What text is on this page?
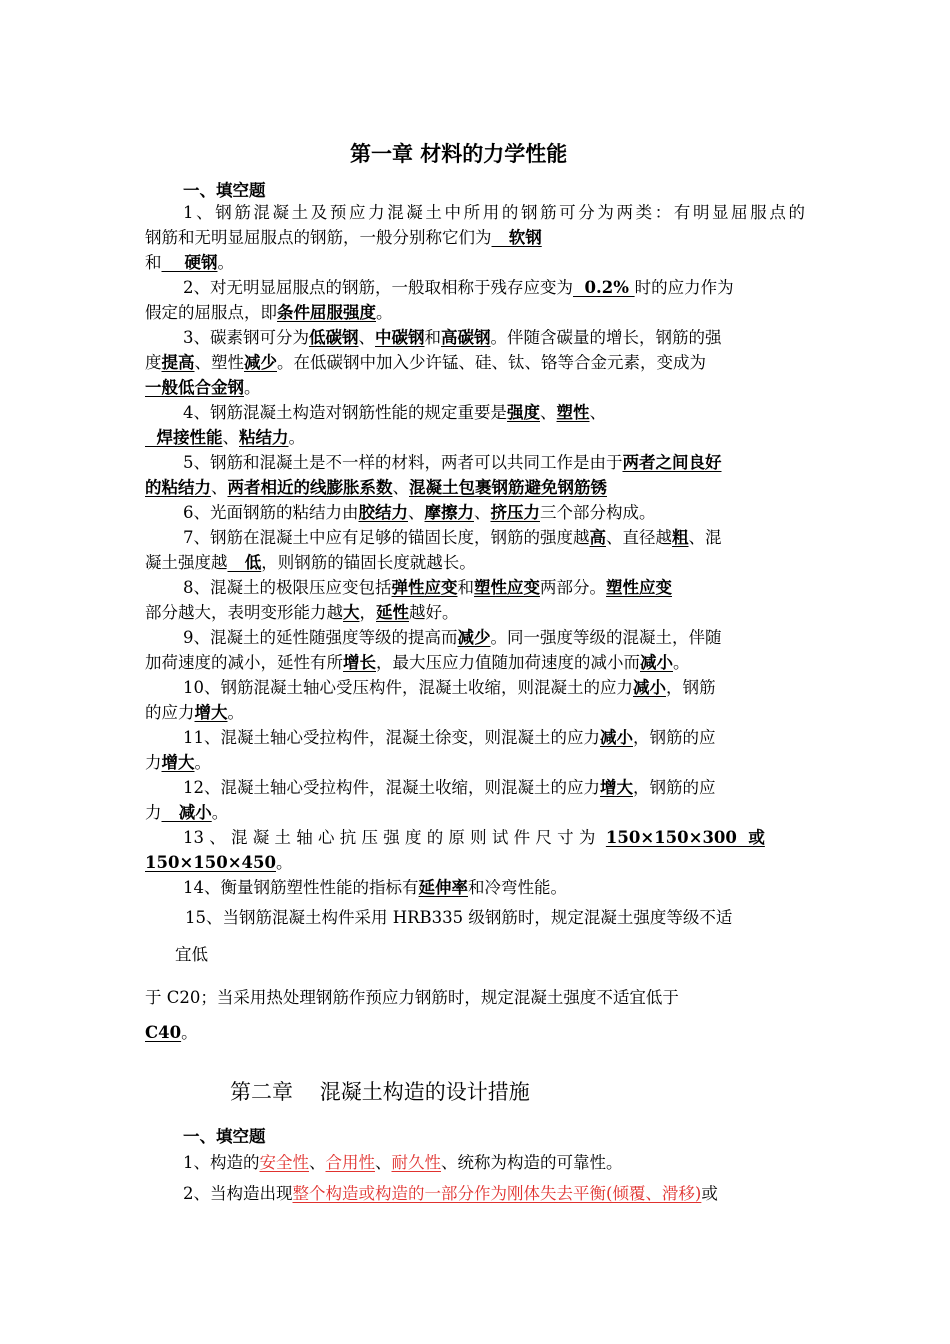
第一章 材料的力学性能
一、填空题
1、钢筋混凝土及预应力混凝土中所用的钢筋可分为两类：有明显屈服点的
钢筋和无明显屈服点的钢筋，一般分别称它们为   软钢
和    硬钢。
2、对无明显屈服点的钢筋，一般取相称于残存应变为  0.2% 时的应力作为
假定的屈服点，即条件屈服强度。
3、碳素钢可分为低碳钢、中碳钢和高碳钢。伴随含碳量的增长，钢筋的强
度提高、塑性减少。在低碳钢中加入少许锰、硅、钛、铬等合金元素，变成为
一般低合金钢。
4、钢筋混凝土构造对钢筋性能的规定重要是强度、塑性、
焊接性能、粘结力。
5、钢筋和混凝土是不一样的材料，两者可以共同工作是由于两者之间良好
的粘结力、两者相近的线膨胀系数、混凝土包裹钢筋避免钢筋锈
6、光面钢筋的粘结力由胶结力、摩擦力、挤压力三个部分构成。
7、钢筋在混凝土中应有足够的锚固长度，钢筋的强度越高、直径越粗、混
凝土强度越   低，则钢筋的锚固长度就越长。
8、混凝土的极限压应变包括弹性应变和塑性应变两部分。塑性应变
部分越大，表明变形能力越大，延性越好。
9、混凝土的延性随强度等级的提高而减少。同一强度等级的混凝土，伴随
加荷速度的减小，延性有所增长，最大压应力值随加荷速度的减小而减小。
10、钢筋混凝土轴心受压构件，混凝土收缩，则混凝土的应力减小，钢筋
的应力增大。
11、混凝土轴心受拉构件，混凝土徐变，则混凝土的应力减小，钢筋的应
力增大。
12、混凝土轴心受拉构件，混凝土收缩，则混凝土的应力增大，钢筋的应
力   减小。
13 、 混 凝 土 轴 心 抗 压 强 度 的 原 则 试 件 尺 寸 为 150×150×300  或
150×150×450。
14、衡量钢筋塑性性能的指标有延伸率和冷弯性能。
15、当钢筋混凝土构件采用 HRB335 级钢筋时，规定混凝土强度等级不适
宜低
于 C20；当采用热处理钢筋作预应力钢筋时，规定混凝土强度不适宜低于
C40。
第二章    混凝土构造的设计措施
一、填空题
1、构造的安全性、合用性、耐久性、统称为构造的可靠性。
2、当构造出现整个构造或构造的一部分作为刚体失去平衡(倾覆、滑移)或
